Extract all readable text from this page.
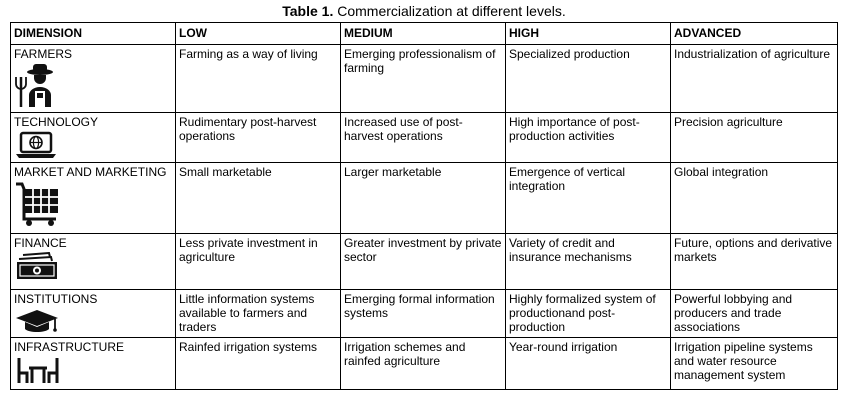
Table 1. Commercialization at different levels.
DIMENSION	LOW	MEDIUM	HIGH	ADVANCED

FARMERS	Farming as a way of living	Emerging professionalism of farming	Specialized production	Industrialization of agriculture

TECHNOLOGY	Rudimentary post-harvest operations	Increased use of post- harvest operations	High importance of post-production activities	Precision agriculture

MARKET AND MARKETING	Small marketable	Larger marketable	Emergence of vertical integration	Global integration

FINANCE	Less private investment in agriculture	Greater investment by private sector	Variety of credit and insurance mechanisms	Future, options and derivative markets

INSTITUTIONS	Little information systems available to farmers and traders	Emerging formal information systems	Highly formalized system of productionand post-production	Powerful lobbying and producers and trade associations

INFRASTRUCTURE	Rainfed irrigation systems	Irrigation schemes and rainfed agriculture	Year-round irrigation	Irrigation pipeline systems and water resource management system
